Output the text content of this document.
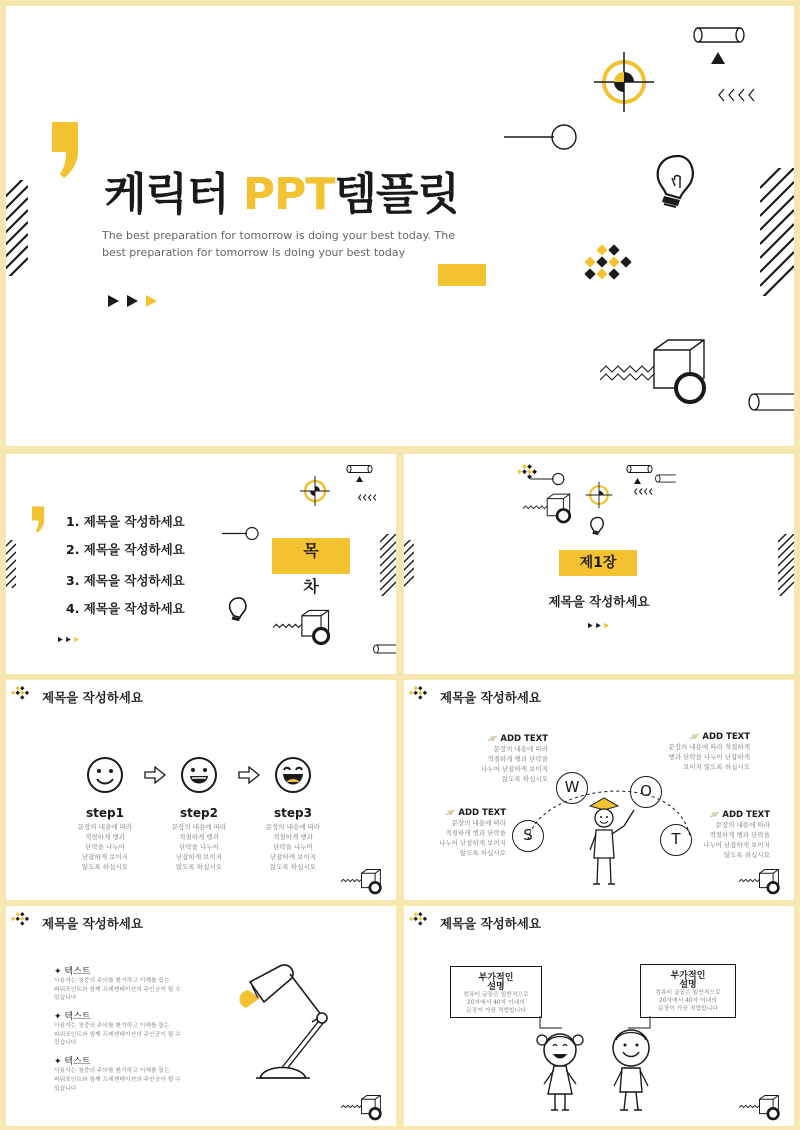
케릭터 PPT템플릿
The best preparation for tomorrow is doing your best today. The
best preparation for tomorrow is doing your best today
1. 제목을 작성하세요
2. 제목을 작성하세요
3. 제목을 작성하세요
4. 제목을 작성하세요
목
차
제1장
제목을 작성하세요
제목을 작성하세요
step1
문장의 내용에 따라
적절하게 행과
단락을 나누어
난잡하게 보이지
않도록 하십시오
step2
문장의 내용에 따라
적절하게 행과
단락을 나누어
난잡하게 보이지
않도록 하십시오
step3
문장의 내용에 따라
적절하게 행과
단락을 나누어
난잡하게 보이지
않도록 하십시오
제목을 작성하세요
S
W	O
T
🪐 ADD TEXT
문장의 내용에 따라
적절하게 행과 단락을
나누어 난잡하게 보이지
않도록 하십시오
🪐 ADD TEXT
문장의 내용에 따라 적절하게
행과 단락을 나누어 난잡하게
보이지 않도록 하십시오
🪐 ADD TEXT
문장의 내용에 따라
적절하게 행과 단락을
나누어 난잡하게 보이지
않도록 하십시오
🪐 ADD TEXT
문장의 내용에 따라
적절하게 행과 단락을
나누어 난잡하게 보이지
않도록 하십시오
제목을 작성하세요
✦ 텍스트
사용자는 청중의 주의를 환기하고 이해를 돕는
파워포인트와 함께 프레젠테이션의 주인공이 될 수
있습니다
✦ 텍스트
사용자는 청중의 주의를 환기하고 이해를 돕는
파워포인트와 함께 프레젠테이션의 주인공이 될 수
있습니다
✦ 텍스트
사용자는 청중의 주의를 환기하고 이해를 돕는
파워포인트와 함께 프레젠테이션의 주인공이 될 수
있습니다
제목을 작성하세요
부가적인
설명
컴퓨터 글꼴은 일반적으로
20자에서 40자 이내의
문장이 가장 적합합니다
부가적인
설명
컴퓨터 글꼴은 일반적으로
20자에서 40자 이내의
문장이 가장 적합합니다
